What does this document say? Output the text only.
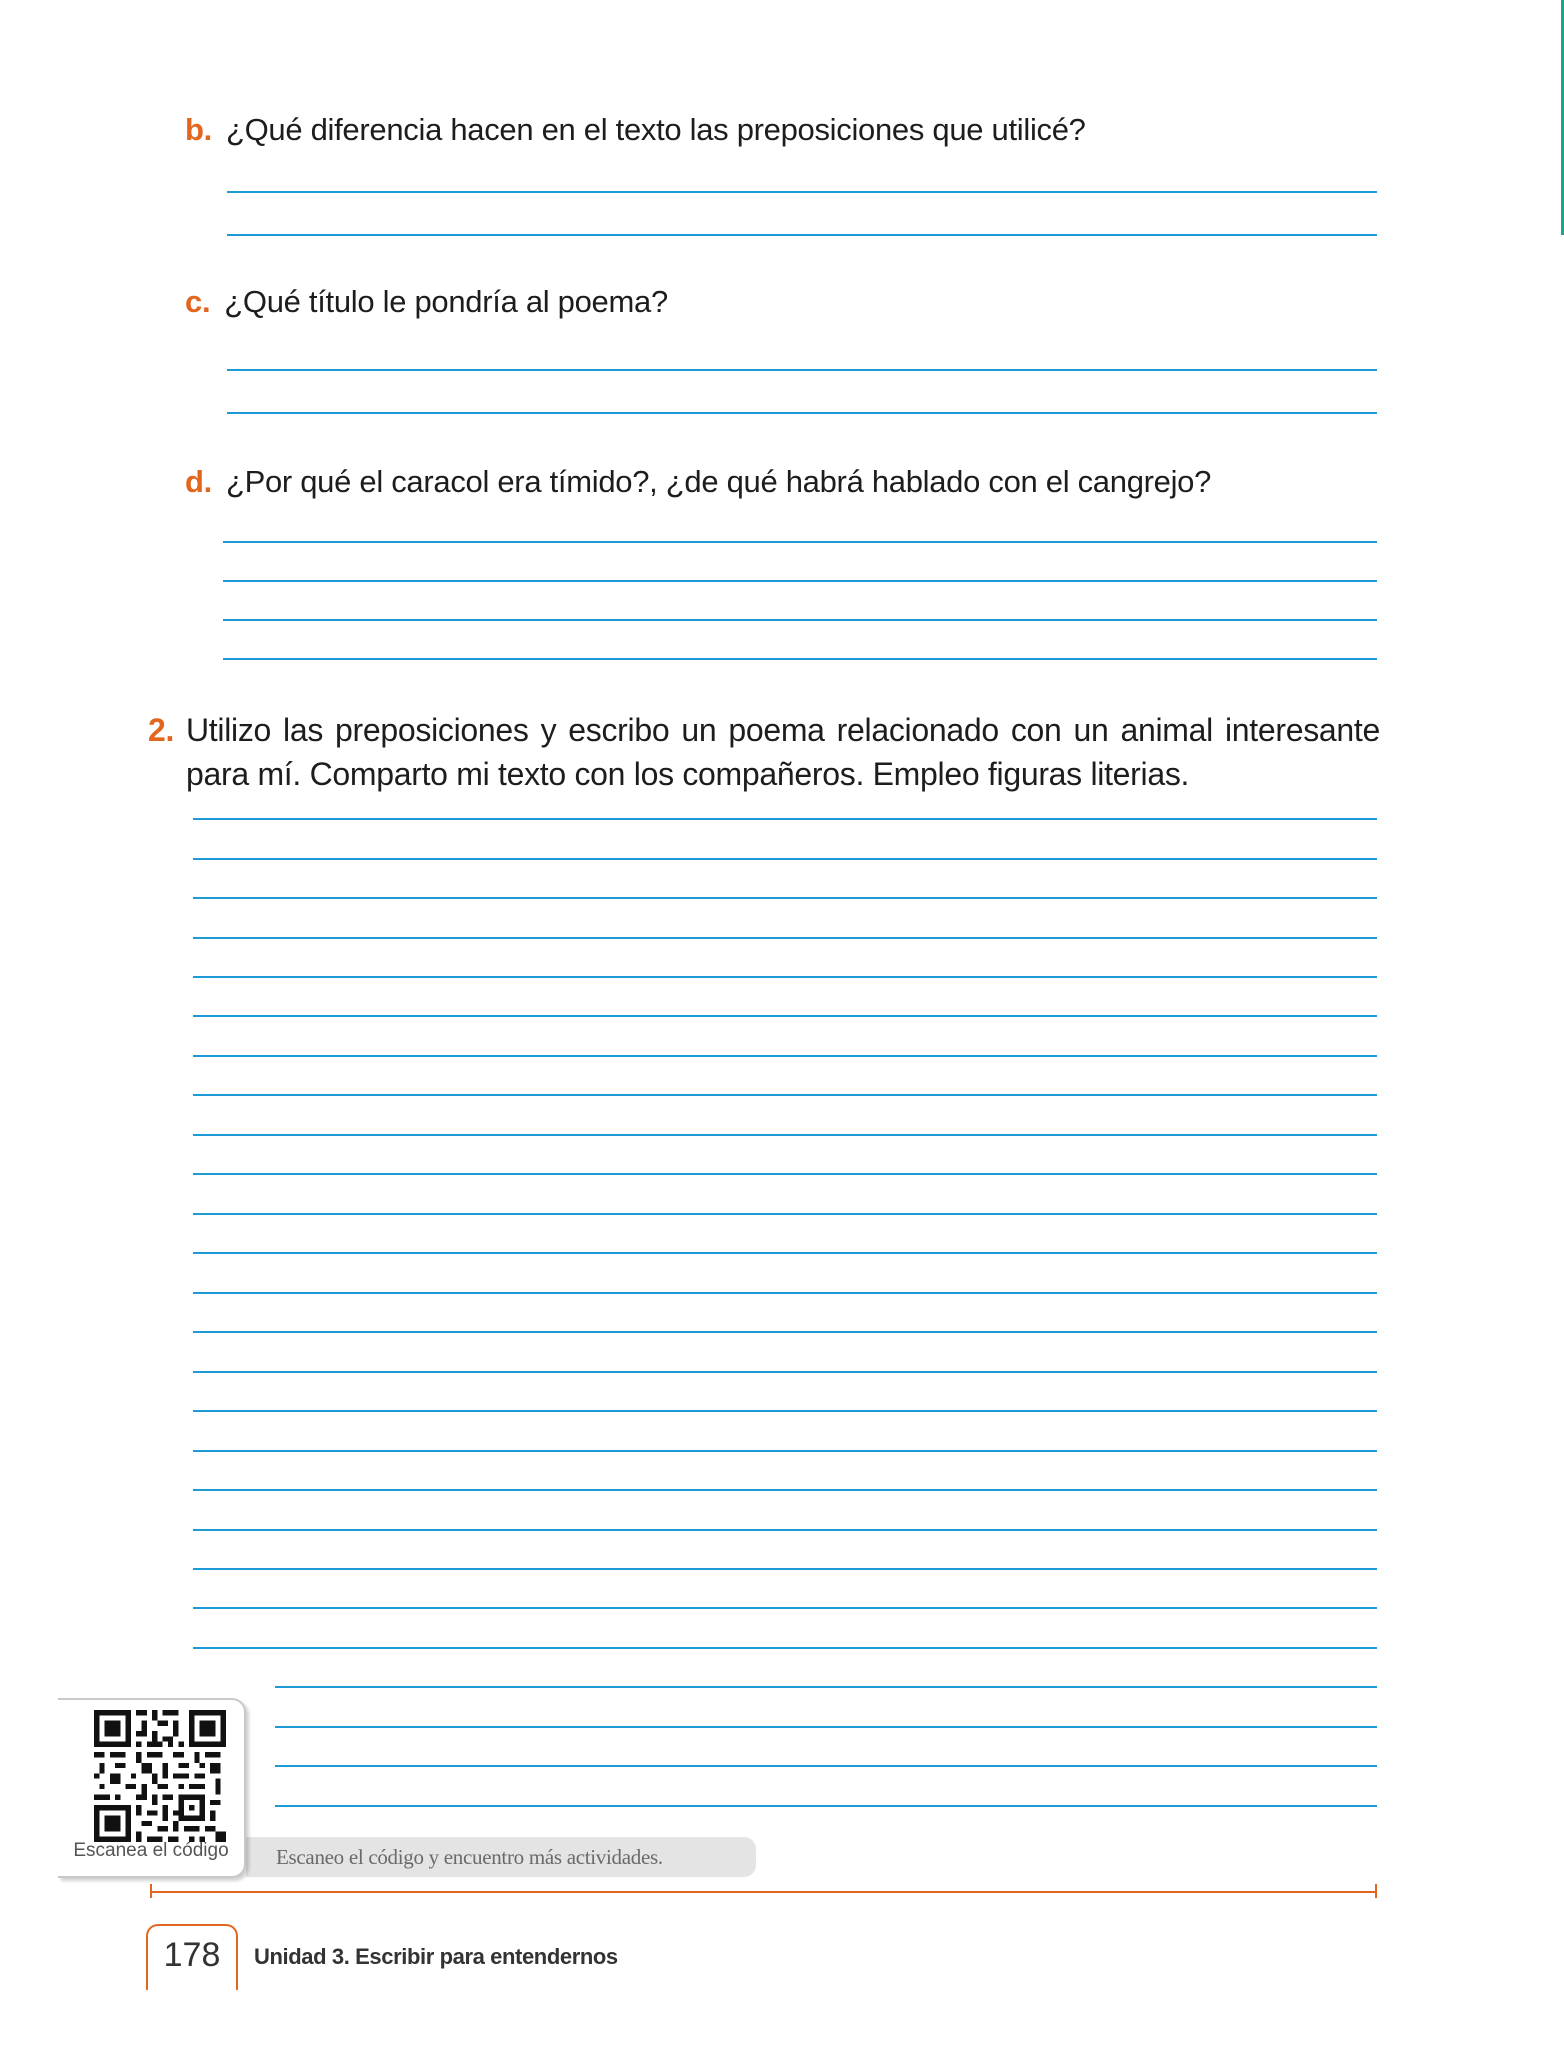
b. ¿Qué diferencia hacen en el texto las preposiciones que utilicé?
c. ¿Qué título le pondría al poema?
d. ¿Por qué el caracol era tímido?, ¿de qué habrá hablado con el cangrejo?
2. Utilizo las preposiciones y escribo un poema relacionado con un animal interesante para mí. Comparto mi texto con los compañeros. Empleo figuras literias.
Escaneo el código y encuentro más actividades.
Escanea el código
178	Unidad 3. Escribir para entendernos
